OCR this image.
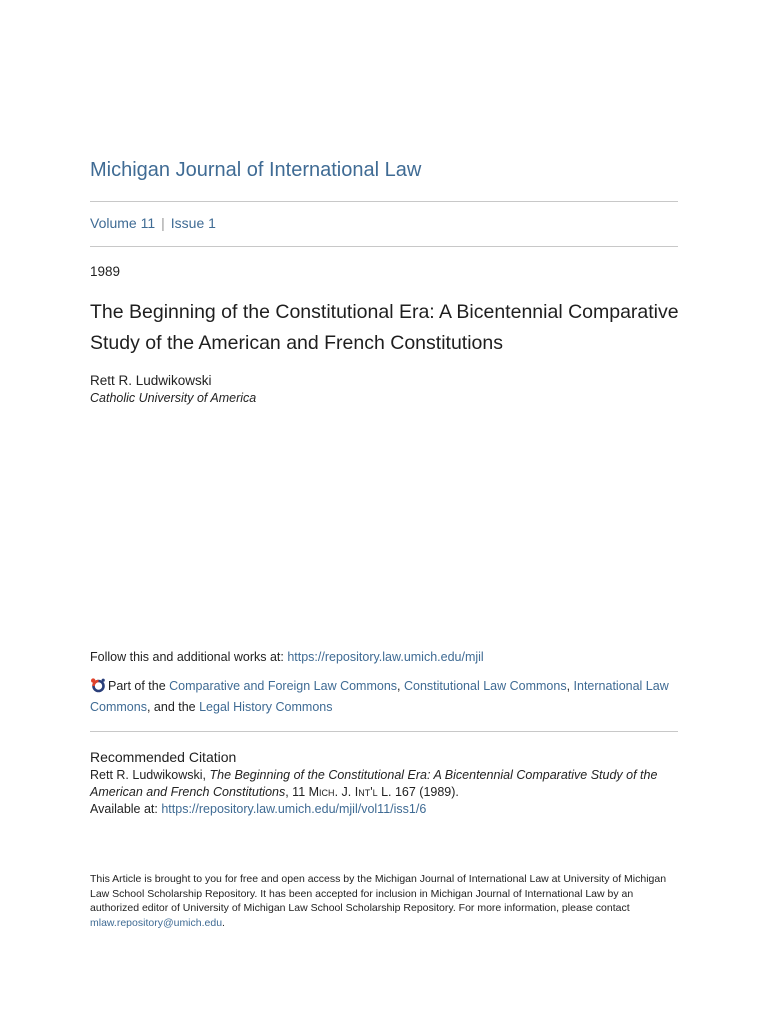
Michigan Journal of International Law
Volume 11 | Issue 1
1989
The Beginning of the Constitutional Era: A Bicentennial Comparative Study of the American and French Constitutions
Rett R. Ludwikowski
Catholic University of America
Follow this and additional works at: https://repository.law.umich.edu/mjil
Part of the Comparative and Foreign Law Commons, Constitutional Law Commons, International Law Commons, and the Legal History Commons
Recommended Citation
Rett R. Ludwikowski, The Beginning of the Constitutional Era: A Bicentennial Comparative Study of the American and French Constitutions, 11 Mich. J. Int'l L. 167 (1989).
Available at: https://repository.law.umich.edu/mjil/vol11/iss1/6
This Article is brought to you for free and open access by the Michigan Journal of International Law at University of Michigan Law School Scholarship Repository. It has been accepted for inclusion in Michigan Journal of International Law by an authorized editor of University of Michigan Law School Scholarship Repository. For more information, please contact mlaw.repository@umich.edu.
